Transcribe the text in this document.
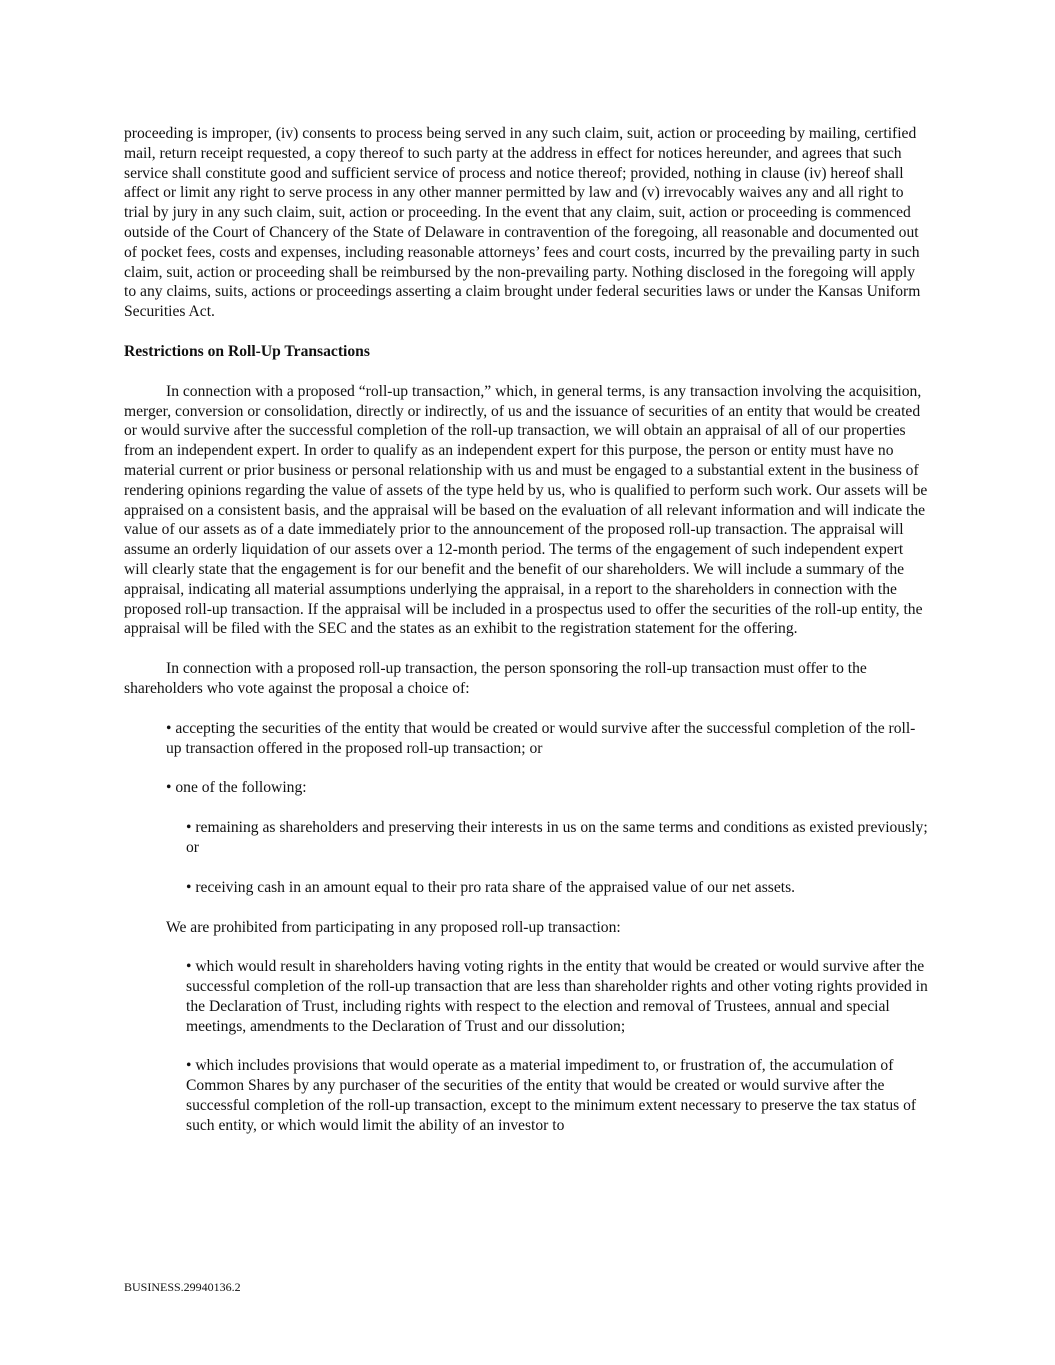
proceeding is improper, (iv) consents to process being served in any such claim, suit, action or proceeding by mailing, certified mail, return receipt requested, a copy thereof to such party at the address in effect for notices hereunder, and agrees that such service shall constitute good and sufficient service of process and notice thereof; provided, nothing in clause (iv) hereof shall affect or limit any right to serve process in any other manner permitted by law and (v) irrevocably waives any and all right to trial by jury in any such claim, suit, action or proceeding. In the event that any claim, suit, action or proceeding is commenced outside of the Court of Chancery of the State of Delaware in contravention of the foregoing, all reasonable and documented out of pocket fees, costs and expenses, including reasonable attorneys’ fees and court costs, incurred by the prevailing party in such claim, suit, action or proceeding shall be reimbursed by the non-prevailing party. Nothing disclosed in the foregoing will apply to any claims, suits, actions or proceedings asserting a claim brought under federal securities laws or under the Kansas Uniform Securities Act.

Restrictions on Roll-Up Transactions

In connection with a proposed “roll-up transaction,” which, in general terms, is any transaction involving the acquisition, merger, conversion or consolidation, directly or indirectly, of us and the issuance of securities of an entity that would be created or would survive after the successful completion of the roll-up transaction, we will obtain an appraisal of all of our properties from an independent expert. In order to qualify as an independent expert for this purpose, the person or entity must have no material current or prior business or personal relationship with us and must be engaged to a substantial extent in the business of rendering opinions regarding the value of assets of the type held by us, who is qualified to perform such work. Our assets will be appraised on a consistent basis, and the appraisal will be based on the evaluation of all relevant information and will indicate the value of our assets as of a date immediately prior to the announcement of the proposed roll-up transaction. The appraisal will assume an orderly liquidation of our assets over a 12-month period. The terms of the engagement of such independent expert will clearly state that the engagement is for our benefit and the benefit of our shareholders. We will include a summary of the appraisal, indicating all material assumptions underlying the appraisal, in a report to the shareholders in connection with the proposed roll-up transaction. If the appraisal will be included in a prospectus used to offer the securities of the roll-up entity, the appraisal will be filed with the SEC and the states as an exhibit to the registration statement for the offering.

In connection with a proposed roll-up transaction, the person sponsoring the roll-up transaction must offer to the shareholders who vote against the proposal a choice of:

• accepting the securities of the entity that would be created or would survive after the successful completion of the roll-up transaction offered in the proposed roll-up transaction; or

• one of the following:

• remaining as shareholders and preserving their interests in us on the same terms and conditions as existed previously; or

• receiving cash in an amount equal to their pro rata share of the appraised value of our net assets.

We are prohibited from participating in any proposed roll-up transaction:

• which would result in shareholders having voting rights in the entity that would be created or would survive after the successful completion of the roll-up transaction that are less than shareholder rights and other voting rights provided in the Declaration of Trust, including rights with respect to the election and removal of Trustees, annual and special meetings, amendments to the Declaration of Trust and our dissolution;

• which includes provisions that would operate as a material impediment to, or frustration of, the accumulation of Common Shares by any purchaser of the securities of the entity that would be created or would survive after the successful completion of the roll-up transaction, except to the minimum extent necessary to preserve the tax status of such entity, or which would limit the ability of an investor to

BUSINESS.29940136.2
